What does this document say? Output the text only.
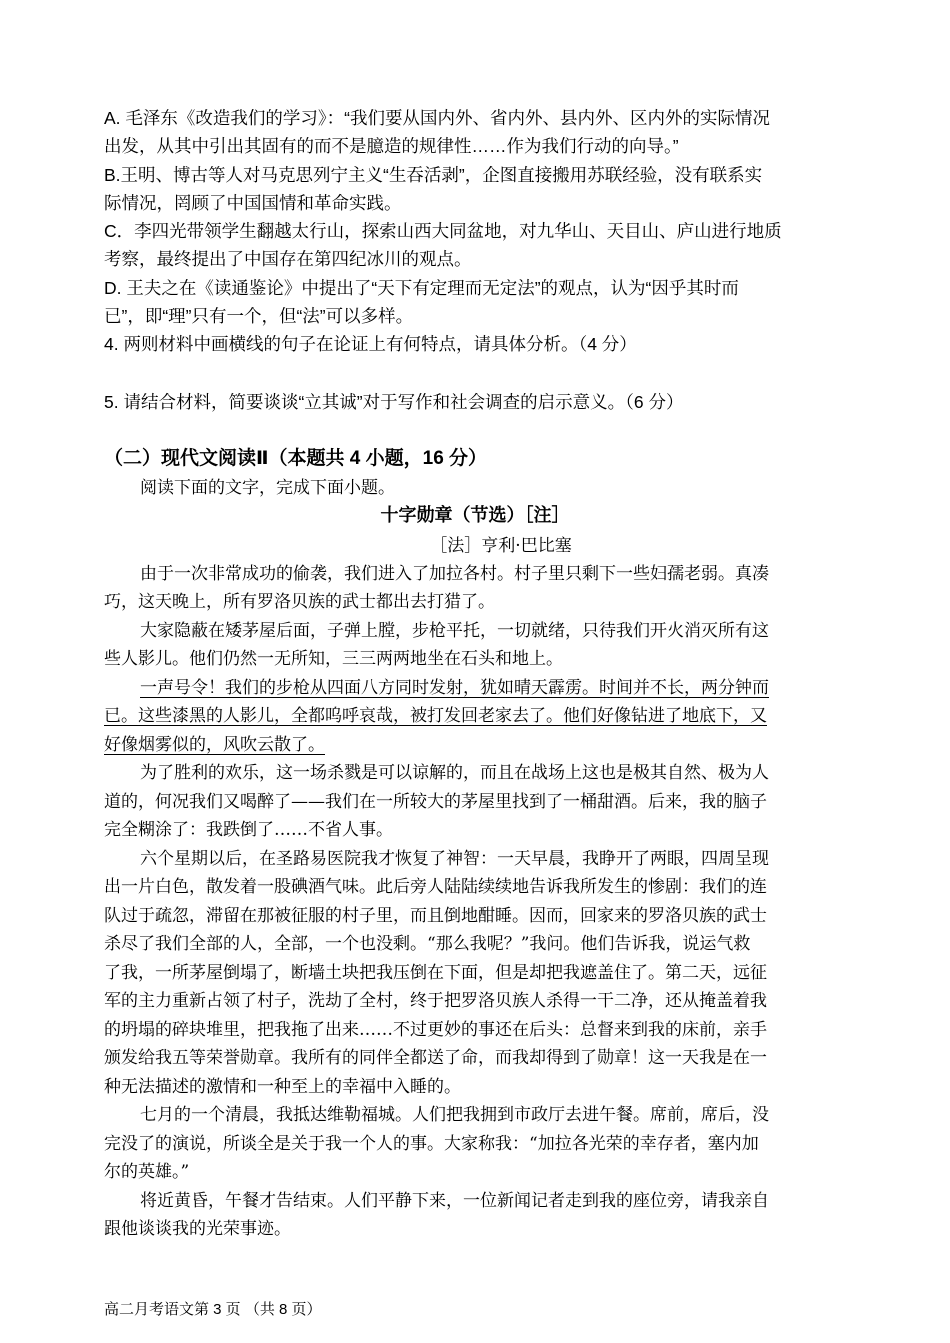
A. 毛泽东《改造我们的学习》：“我们要从国内外、省内外、县内外、区内外的实际情况
出发，从其中引出其固有的而不是臆造的规律性……作为我们行动的向导。”
B.王明、博古等人对马克思列宁主义“生吞活剥”，企图直接搬用苏联经验，没有联系实
际情况，罔顾了中国国情和革命实践。
C．李四光带领学生翻越太行山，探索山西大同盆地，对九华山、天目山、庐山进行地质
考察，最终提出了中国存在第四纪冰川的观点。
D. 王夫之在《读通鉴论》中提出了“天下有定理而无定法”的观点，认为“因乎其时而
已”，即“理”只有一个，但“法”可以多样。
4. 两则材料中画横线的句子在论证上有何特点，请具体分析。（4 分）
5. 请结合材料，简要谈谈“立其诚”对于写作和社会调查的启示意义。（6 分）
（二）现代文阅读Ⅱ（本题共 4 小题，16 分）
阅读下面的文字，完成下面小题。
十字勋章（节选）［注］
［法］亨利·巴比塞
由于一次非常成功的偷袭，我们进入了加拉各村。村子里只剩下一些妇孺老弱。真凑
巧，这天晚上，所有罗洛贝族的武士都出去打猎了。
大家隐蔽在矮茅屋后面，子弹上膛，步枪平托，一切就绪，只待我们开火消灭所有这
些人影儿。他们仍然一无所知，三三两两地坐在石头和地上。
一声号令！我们的步枪从四面八方同时发射，犹如晴天霹雳。时间并不长，两分钟而
已。这些漆黑的人影儿，全都呜呼哀哉，被打发回老家去了。他们好像钻进了地底下，又
好像烟雾似的，风吹云散了。
为了胜利的欢乐，这一场杀戮是可以谅解的，而且在战场上这也是极其自然、极为人
道的，何况我们又喝醉了——我们在一所较大的茅屋里找到了一桶甜酒。后来，我的脑子
完全糊涂了：我跌倒了……不省人事。
六个星期以后，在圣路易医院我才恢复了神智：一天早晨，我睁开了两眼，四周呈现
出一片白色，散发着一股碘酒气味。此后旁人陆陆续续地告诉我所发生的惨剧：我们的连
队过于疏忽，滞留在那被征服的村子里，而且倒地酣睡。因而，回家来的罗洛贝族的武士
杀尽了我们全部的人，全部，一个也没剩。“那么我呢？”我问。他们告诉我，说运气救
了我，一所茅屋倒塌了，断墙土块把我压倒在下面，但是却把我遮盖住了。第二天，远征
军的主力重新占领了村子，洗劫了全村，终于把罗洛贝族人杀得一干二净，还从掩盖着我
的坍塌的碎块堆里，把我拖了出来……不过更妙的事还在后头：总督来到我的床前，亲手
颁发给我五等荣誉勋章。我所有的同伴全都送了命，而我却得到了勋章！这一天我是在一
种无法描述的激情和一种至上的幸福中入睡的。
七月的一个清晨，我抵达维勒福城。人们把我拥到市政厅去进午餐。席前，席后，没
完没了的演说，所谈全是关于我一个人的事。大家称我：“加拉各光荣的幸存者，塞内加
尔的英雄。”
将近黄昏，午餐才告结束。人们平静下来，一位新闻记者走到我的座位旁，请我亲自
跟他谈谈我的光荣事迹。
高二月考语文第 3 页 （共 8 页）
